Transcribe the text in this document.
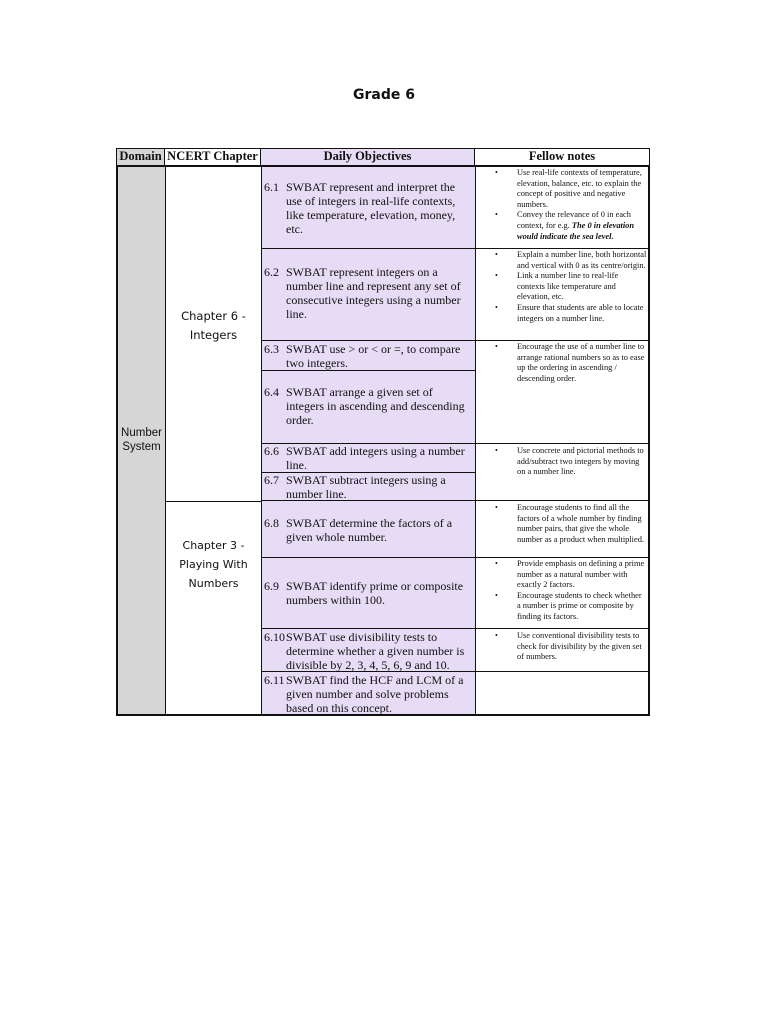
Grade 6
Domain NCERT Chapter	Daily Objectives	Fellow notes
Number
System
Chapter 6 -
Integers
Chapter 3 -
Playing With
Numbers
6.1 SWBAT represent and interpret the use of integers in real-life contexts, like temperature, elevation, money, etc.
6.2 SWBAT represent integers on a number line and represent any set of consecutive integers using a number line.
6.3 SWBAT use > or < or =, to compare two integers.
6.4 SWBAT arrange a given set of integers in ascending and descending order.
6.6 SWBAT add integers using a number line.
6.7 SWBAT subtract integers using a number line.
6.8 SWBAT determine the factors of a given whole number.
6.9 SWBAT identify prime or composite numbers within 100.
6.10 SWBAT use divisibility tests to determine whether a given number is divisible by 2, 3, 4, 5, 6, 9 and 10.
6.11 SWBAT find the HCF and LCM of a given number and solve problems based on this concept.
• Use real-life contexts of temperature, elevation, balance, etc. to explain the concept of positive and negative numbers.
• Convey the relevance of 0 in each context, for e.g. The 0 in elevation would indicate the sea level.
• Explain a number line, both horizontal and vertical with 0 as its centre/origin.
• Link a number line to real-life contexts like temperature and elevation, etc.
• Ensure that students are able to locate integers on a number line.
• Encourage the use of a number line to arrange rational numbers so as to ease up the ordering in ascending / descending order.
• Use concrete and pictorial methods to add/subtract two integers by moving on a number line.
• Encourage students to find all the factors of a whole number by finding number pairs, that give the whole number as a product when multiplied.
• Provide emphasis on defining a prime number as a natural number with exactly 2 factors.
• Encourage students to check whether a number is prime or composite by finding its factors.
• Use conventional divisibility tests to check for divisibility by the given set of numbers.
